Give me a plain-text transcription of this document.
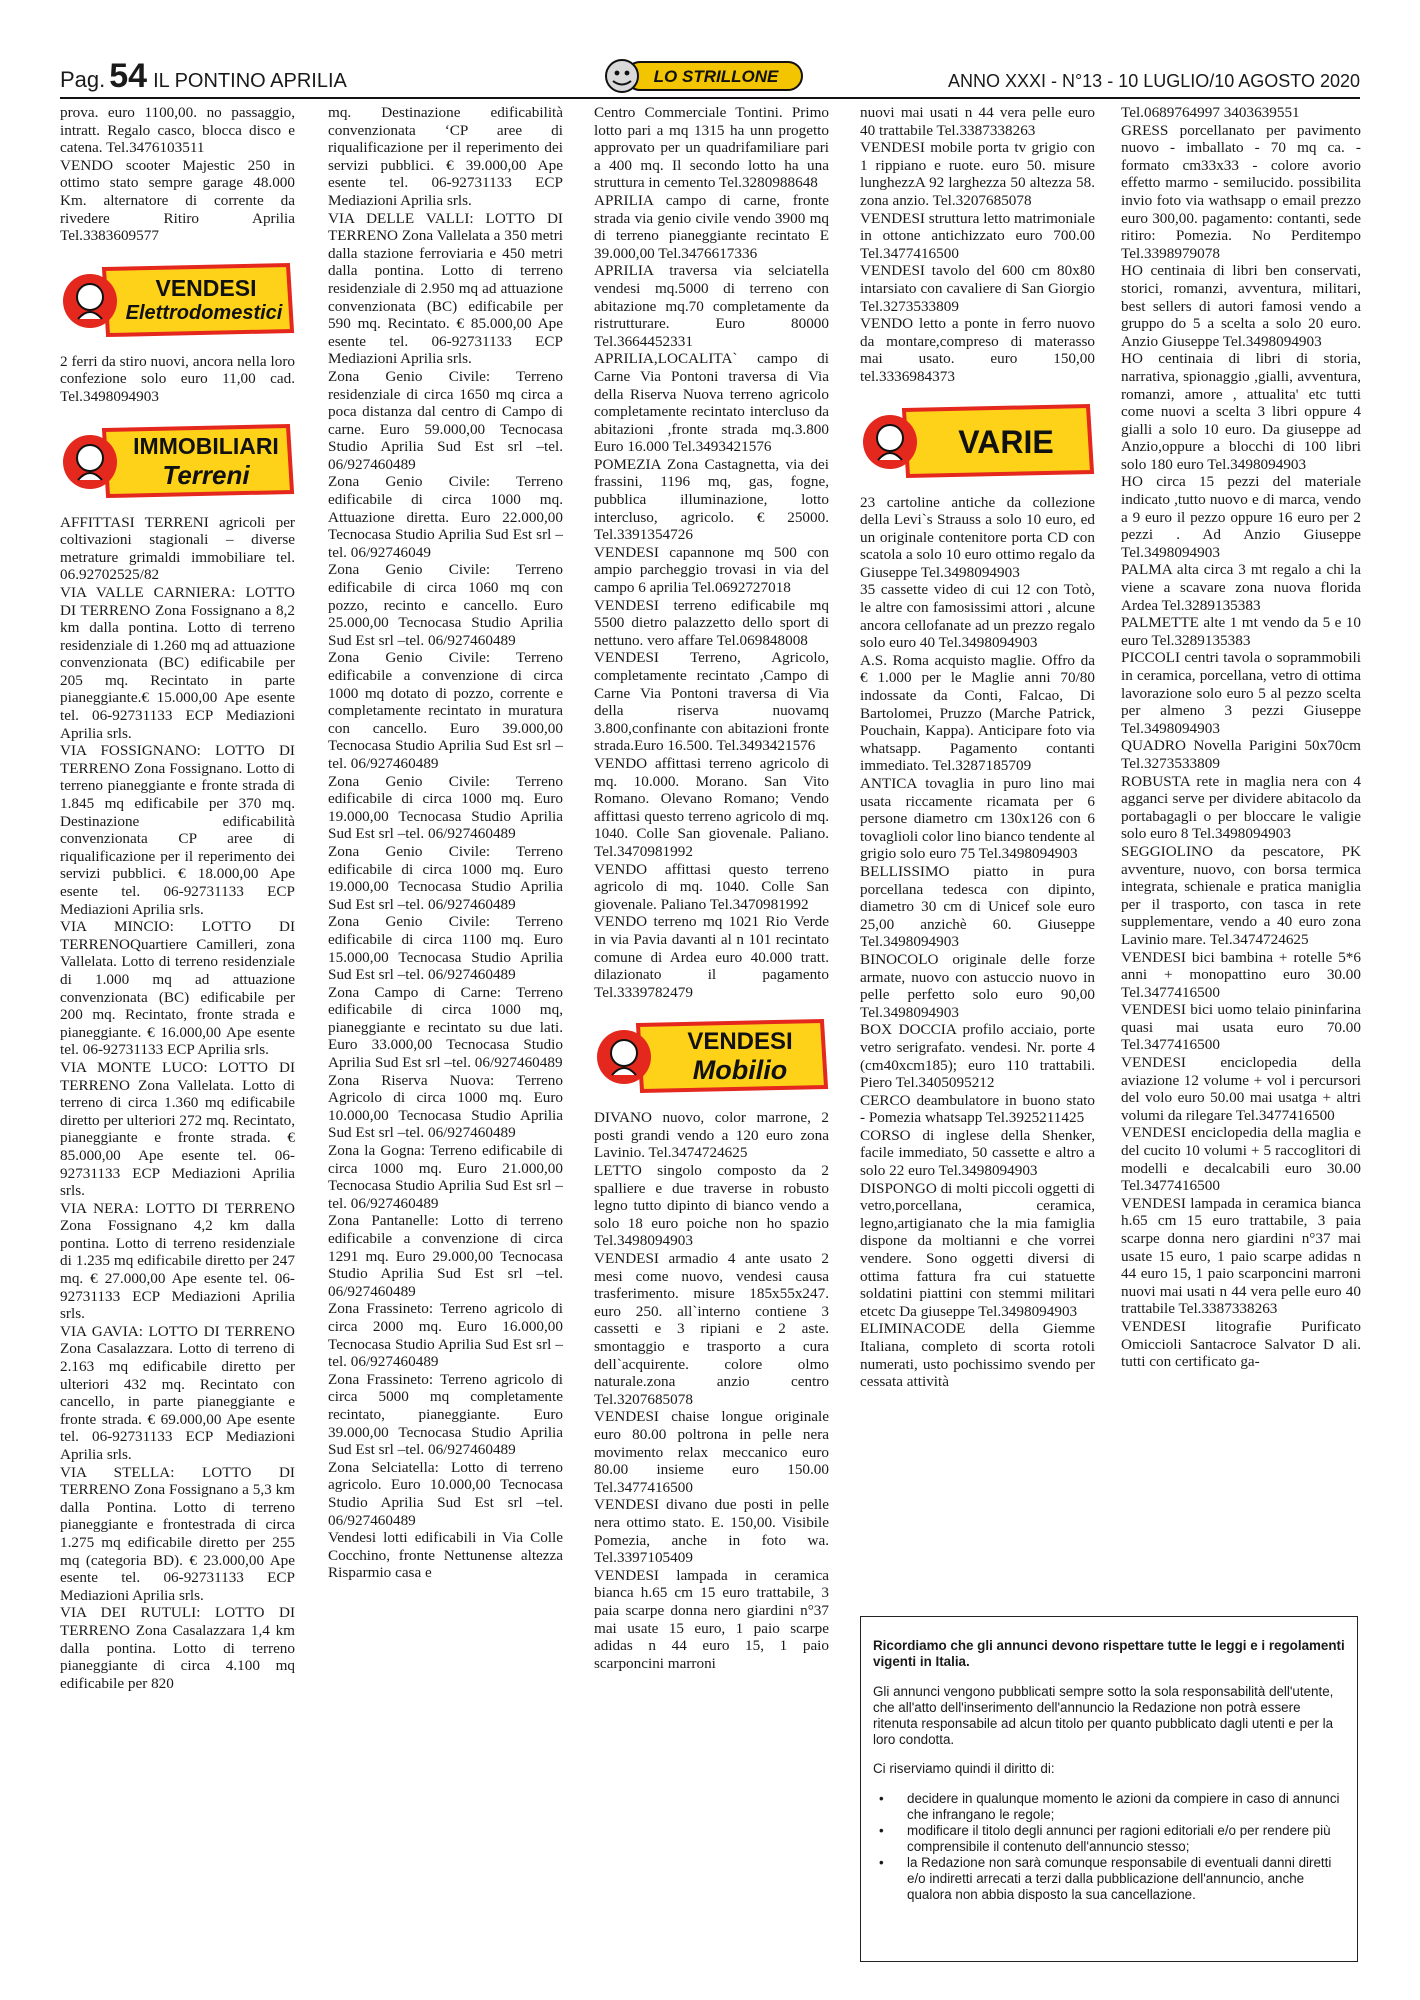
Pag. 54 IL PONTINO APRILIA	LO STRILLONE	ANNO XXXI - N°13 - 10 LUGLIO/10 AGOSTO 2020

prova. euro 1100,00. no passaggio, intratt. Regalo casco, blocca disco e catena. Tel.3476103511

VENDO scooter Majestic 250 in ottimo stato sempre garage 48.000 Km. alternatore di corrente da rivedere Ritiro Aprilia Tel.3383609577

VENDESI
Elettrodomestici

2 ferri da stiro nuovi, ancora nella loro confezione solo euro 11,00 cad. Tel.3498094903

IMMOBILIARI
Terreni

AFFITTASI TERRENI agricoli per coltivazioni stagionali – diverse metrature grimaldi immobiliare tel. 06.92702525/82

VIA VALLE CARNIERA: LOTTO DI TERRENO Zona Fossignano a 8,2 km dalla pontina. Lotto di terreno residenziale di 1.260 mq ad attuazione convenzionata (BC) edificabile per 205 mq. Recintato in parte pianeggiante.€ 15.000,00 Ape esente tel. 06-92731133 ECP Mediazioni Aprilia srls.

VIA FOSSIGNANO: LOTTO DI TERRENO Zona Fossignano. Lotto di terreno pianeggiante e fronte strada di 1.845 mq edificabile per 370 mq. Destinazione edificabilità convenzionata CP aree di riqualificazione per il reperimento dei servizi pubblici. € 18.000,00 Ape esente tel. 06-92731133 ECP Mediazioni Aprilia srls.

VIA MINCIO: LOTTO DI TERRENOQuartiere Camilleri, zona Vallelata. Lotto di terreno residenziale di 1.000 mq ad attuazione convenzionata (BC) edificabile per 200 mq. Recintato, fronte strada e pianeggiante. € 16.000,00 Ape esente tel. 06-92731133 ECP Aprilia srls.

VIA MONTE LUCO: LOTTO DI TERRENO Zona Vallelata. Lotto di terreno di circa 1.360 mq edificabile diretto per ulteriori 272 mq. Recintato, pianeggiante e fronte strada. € 85.000,00 Ape esente tel. 06-92731133 ECP Mediazioni Aprilia srls.

VIA NERA: LOTTO DI TERRENO Zona Fossignano 4,2 km dalla pontina. Lotto di terreno residenziale di 1.235 mq edificabile diretto per 247 mq. € 27.000,00 Ape esente tel. 06-92731133 ECP Mediazioni Aprilia srls.

VIA GAVIA: LOTTO DI TERRENO Zona Casalazzara. Lotto di terreno di 2.163 mq edificabile diretto per ulteriori 432 mq. Recintato con cancello, in parte pianeggiante e fronte strada. € 69.000,00 Ape esente tel. 06-92731133 ECP Mediazioni Aprilia srls.

VIA STELLA: LOTTO DI TERRENO Zona Fossignano a 5,3 km dalla Pontina. Lotto di terreno pianeggiante e frontestrada di circa 1.275 mq edificabile diretto per 255 mq (categoria BD). € 23.000,00 Ape esente tel. 06-92731133 ECP Mediazioni Aprilia srls.

VIA DEI RUTULI: LOTTO DI TERRENO Zona Casalazzara 1,4 km dalla pontina. Lotto di terreno pianeggiante di circa 4.100 mq edificabile per 820

mq. Destinazione edificabilità convenzionata ‘CP aree di riqualificazione per il reperimento dei servizi pubblici. € 39.000,00 Ape esente tel. 06-92731133 ECP Mediazioni Aprilia srls.

VIA DELLE VALLI: LOTTO DI TERRENO Zona Vallelata a 350 metri dalla stazione ferroviaria e 450 metri dalla pontina. Lotto di terreno residenziale di 2.950 mq ad attuazione convenzionata (BC) edificabile per 590 mq. Recintato. € 85.000,00 Ape esente tel. 06-92731133 ECP Mediazioni Aprilia srls.

Zona Genio Civile: Terreno residenziale di circa 1650 mq circa a poca distanza dal centro di Campo di carne. Euro 59.000,00 Tecnocasa Studio Aprilia Sud Est srl –tel. 06/927460489

Zona Genio Civile: Terreno edificabile di circa 1000 mq. Attuazione diretta. Euro 22.000,00 Tecnocasa Studio Aprilia Sud Est srl – tel. 06/92746049

Zona Genio Civile: Terreno edificabile di circa 1060 mq con pozzo, recinto e cancello. Euro 25.000,00 Tecnocasa Studio Aprilia Sud Est srl –tel. 06/927460489

Zona Genio Civile: Terreno edificabile a convenzione di circa 1000 mq dotato di pozzo, corrente e completamente recintato in muratura con cancello. Euro 39.000,00 Tecnocasa Studio Aprilia Sud Est srl –tel. 06/927460489

Zona Genio Civile: Terreno edificabile di circa 1000 mq. Euro 19.000,00 Tecnocasa Studio Aprilia Sud Est srl –tel. 06/927460489

Zona Genio Civile: Terreno edificabile di circa 1000 mq. Euro 19.000,00 Tecnocasa Studio Aprilia Sud Est srl –tel. 06/927460489

Zona Genio Civile: Terreno edificabile di circa 1100 mq. Euro 15.000,00 Tecnocasa Studio Aprilia Sud Est srl –tel. 06/927460489

Zona Campo di Carne: Terreno edificabile di circa 1000 mq, pianeggiante e recintato su due lati. Euro 33.000,00 Tecnocasa Studio Aprilia Sud Est srl –tel. 06/927460489

Zona Riserva Nuova: Terreno Agricolo di circa 1000 mq. Euro 10.000,00 Tecnocasa Studio Aprilia Sud Est srl –tel. 06/927460489

Zona la Gogna: Terreno edificabile di circa 1000 mq. Euro 21.000,00 Tecnocasa Studio Aprilia Sud Est srl –tel. 06/927460489

Zona Pantanelle: Lotto di terreno edificabile a convenzione di circa 1291 mq. Euro 29.000,00 Tecnocasa Studio Aprilia Sud Est srl –tel. 06/927460489

Zona Frassineto: Terreno agricolo di circa 2000 mq. Euro 16.000,00 Tecnocasa Studio Aprilia Sud Est srl –tel. 06/927460489

Zona Frassineto: Terreno agricolo di circa 5000 mq completamente recintato, pianeggiante. Euro 39.000,00 Tecnocasa Studio Aprilia Sud Est srl –tel. 06/927460489

Zona Selciatella: Lotto di terreno agricolo. Euro 10.000,00 Tecnocasa Studio Aprilia Sud Est srl –tel. 06/927460489

Vendesi lotti edificabili in Via Colle Cocchino, fronte Nettunense altezza Risparmio casa e

Centro Commerciale Tontini. Primo lotto pari a mq 1315 ha unn progetto approvato per un quadrifamiliare pari a 400 mq. Il secondo lotto ha una struttura in cemento Tel.3280988648

APRILIA campo di carne, fronte strada via genio civile vendo 3900 mq di terreno pianeggiante recintato E 39.000,00 Tel.3476617336

APRILIA traversa via selciatella vendesi mq.5000 di terreno con abitazione mq.70 completamente da ristrutturare. Euro 80000 Tel.3664452331

APRILIA,LOCALITA` campo di Carne Via Pontoni traversa di Via della Riserva Nuova terreno agricolo completamente recintato intercluso da abitazioni ,fronte strada mq.3.800 Euro 16.000 Tel.3493421576

POMEZIA Zona Castagnetta, via dei frassini, 1196 mq, gas, fogne, pubblica illuminazione, lotto intercluso, agricolo. € 25000. Tel.3391354726

VENDESI capannone mq 500 con ampio parcheggio trovasi in via del campo 6 aprilia Tel.0692727018

VENDESI terreno edificabile mq 5500 dietro palazzetto dello sport di nettuno. vero affare Tel.069848008

VENDESI Terreno, Agricolo, completamente recintato ,Campo di Carne Via Pontoni traversa di Via della riserva nuovamq 3.800,confinante con abitazioni fronte strada.Euro 16.500. Tel.3493421576

VENDO affittasi terreno agricolo di mq. 10.000. Morano. San Vito Romano. Olevano Romano; Vendo affittasi questo terreno agricolo di mq. 1040. Colle San giovenale. Paliano. Tel.3470981992

VENDO affittasi questo terreno agricolo di mq. 1040. Colle San giovenale. Paliano Tel.3470981992

VENDO terreno mq 1021 Rio Verde in via Pavia davanti al n 101 recintato comune di Ardea euro 40.000 tratt. dilazionato il pagamento Tel.3339782479

VENDESI
Mobilio

DIVANO nuovo, color marrone, 2 posti grandi vendo a 120 euro zona Lavinio. Tel.3474724625

LETTO singolo composto da 2 spalliere e due traverse in robusto legno tutto dipinto di bianco vendo a solo 18 euro poiche non ho spazio Tel.3498094903

VENDESI armadio 4 ante usato 2 mesi come nuovo, vendesi causa trasferimento. misure 185x55x247. euro 250. all`interno contiene 3 cassetti e 3 ripiani e 2 aste. smontaggio e trasporto a cura dell`acquirente. colore olmo naturale.zona anzio centro Tel.3207685078

VENDESI chaise longue originale euro 80.00 poltrona in pelle nera movimento relax meccanico euro 80.00 insieme euro 150.00 Tel.3477416500

VENDESI divano due posti in pelle nera ottimo stato. E. 150,00. Visibile Pomezia, anche in foto wa. Tel.3397105409

VENDESI lampada in ceramica bianca h.65 cm 15 euro trattabile, 3 paia scarpe donna nero giardini n°37 mai usate 15 euro, 1 paio scarpe adidas n 44 euro 15, 1 paio scarponcini marroni

nuovi mai usati n 44 vera pelle euro 40 trattabile Tel.3387338263

VENDESI mobile porta tv grigio con 1 rippiano e ruote. euro 50. misure lunghezzA 92 larghezza 50 altezza 58. zona anzio. Tel.3207685078

VENDESI struttura letto matrimoniale in ottone antichizzato euro 700.00 Tel.3477416500

VENDESI tavolo del 600 cm 80x80 intarsiato con cavaliere di San Giorgio Tel.3273533809

VENDO letto a ponte in ferro nuovo da montare,compreso di materasso mai usato. euro 150,00 tel.3336984373

VARIE

23 cartoline antiche da collezione della Levi`s Strauss a solo 10 euro, ed un originale contenitore porta CD con scatola a solo 10 euro ottimo regalo da Giuseppe Tel.3498094903

35 cassette video di cui 12 con Totò, le altre con famosissimi attori , alcune ancora cellofanate ad un prezzo regalo solo euro 40 Tel.3498094903

A.S. Roma acquisto maglie. Offro da € 1.000 per le Maglie anni 70/80 indossate da Conti, Falcao, Di Bartolomei, Pruzzo (Marche Patrick, Pouchain, Kappa). Anticipare foto via whatsapp. Pagamento contanti immediato. Tel.3287185709

ANTICA tovaglia in puro lino mai usata riccamente ricamata per 6 persone diametro cm 130x126 con 6 tovaglioli color lino bianco tendente al grigio solo euro 75 Tel.3498094903

BELLISSIMO piatto in pura porcellana tedesca con dipinto, diametro 30 cm di Unicef sole euro 25,00 anzichè 60. Giuseppe Tel.3498094903

BINOCOLO originale delle forze armate, nuovo con astuccio nuovo in pelle perfetto solo euro 90,00 Tel.3498094903

BOX DOCCIA profilo acciaio, porte vetro serigrafato. vendesi. Nr. porte 4 (cm40xcm185); euro 110 trattabili. Piero Tel.3405095212

CERCO deambulatore in buono stato - Pomezia whatsapp Tel.3925211425

CORSO di inglese della Shenker, facile immediato, 50 cassette e altro a solo 22 euro Tel.3498094903

DISPONGO di molti piccoli oggetti di vetro,porcellana, ceramica, legno,artigianato che la mia famiglia dispone da moltianni e che vorrei vendere. Sono oggetti diversi di ottima fattura fra cui statuette soldatini piattini con stemmi militari etcetc Da giuseppe Tel.3498094903

ELIMINACODE della Giemme Italiana, completo di scorta rotoli numerati, usto pochissimo svendo per cessata attività

Tel.0689764997 3403639551

GRESS porcellanato per pavimento nuovo - imballato - 70 mq ca. - formato cm33x33 - colore avorio effetto marmo - semilucido. possibilita invio foto via wathsapp o email prezzo euro 300,00. pagamento: contanti, sede ritiro: Pomezia. No Perditempo Tel.3398979078

HO centinaia di libri ben conservati, storici, romanzi, avventura, militari, best sellers di autori famosi vendo a gruppo do 5 a scelta a solo 20 euro. Anzio Giuseppe Tel.3498094903

HO centinaia di libri di storia, narrativa, spionaggio ,gialli, avventura, romanzi, amore , attualita' etc tutti come nuovi a scelta 3 libri oppure 4 gialli a solo 10 euro. Da giuseppe ad Anzio,oppure a blocchi di 100 libri solo 180 euro Tel.3498094903

HO circa 15 pezzi del materiale indicato ,tutto nuovo e di marca, vendo a 9 euro il pezzo oppure 16 euro per 2 pezzi . Ad Anzio Giuseppe Tel.3498094903

PALMA alta circa 3 mt regalo a chi la viene a scavare zona nuova florida Ardea Tel.3289135383

PALMETTE alte 1 mt vendo da 5 e 10 euro Tel.3289135383

PICCOLI centri tavola o soprammobili in ceramica, porcellana, vetro di ottima lavorazione solo euro 5 al pezzo scelta per almeno 3 pezzi Giuseppe Tel.3498094903

QUADRO Novella Parigini 50x70cm Tel.3273533809

ROBUSTA rete in maglia nera con 4 agganci serve per dividere abitacolo da portabagagli o per bloccare le valigie solo euro 8 Tel.3498094903

SEGGIOLINO da pescatore, PK avventure, nuovo, con borsa termica integrata, schienale e pratica maniglia per il trasporto, con tasca in rete supplementare, vendo a 40 euro zona Lavinio mare. Tel.3474724625

VENDESI bici bambina + rotelle 5*6 anni + monopattino euro 30.00 Tel.3477416500

VENDESI bici uomo telaio pininfarina quasi mai usata euro 70.00 Tel.3477416500

VENDESI enciclopedia della aviazione 12 volume + vol i percursori del volo euro 50.00 mai usatga + altri volumi da rilegare Tel.3477416500

VENDESI enciclopedia della maglia e del cucito 10 volumi + 5 raccoglitori di modelli e decalcabili euro 30.00 Tel.3477416500

VENDESI lampada in ceramica bianca h.65 cm 15 euro trattabile, 3 paia scarpe donna nero giardini n°37 mai usate 15 euro, 1 paio scarpe adidas n 44 euro 15, 1 paio scarponcini marroni nuovi mai usati n 44 vera pelle euro 40 trattabile Tel.3387338263

VENDESI litografie Purificato Omiccioli Santacroce Salvator D ali. tutti con certificato ga-

Ricordiamo che gli annunci devono rispettare tutte le leggi e i regolamenti vigenti in Italia.

Gli annunci vengono pubblicati sempre sotto la sola responsabilità dell'utente, che all'atto dell'inserimento dell'annuncio la Redazione non potrà essere ritenuta responsabile ad alcun titolo per quanto pubblicato dagli utenti e per la loro condotta.

Ci riserviamo quindi il diritto di:

• decidere in qualunque momento le azioni da compiere in caso di annunci che infrangano le regole;
• modificare il titolo degli annunci per ragioni editoriali e/o per rendere più comprensibile il contenuto dell'annuncio stesso;
• la Redazione non sarà comunque responsabile di eventuali danni diretti e/o indiretti arrecati a terzi dalla pubblicazione dell'annuncio, anche qualora non abbia disposto la sua cancellazione.
